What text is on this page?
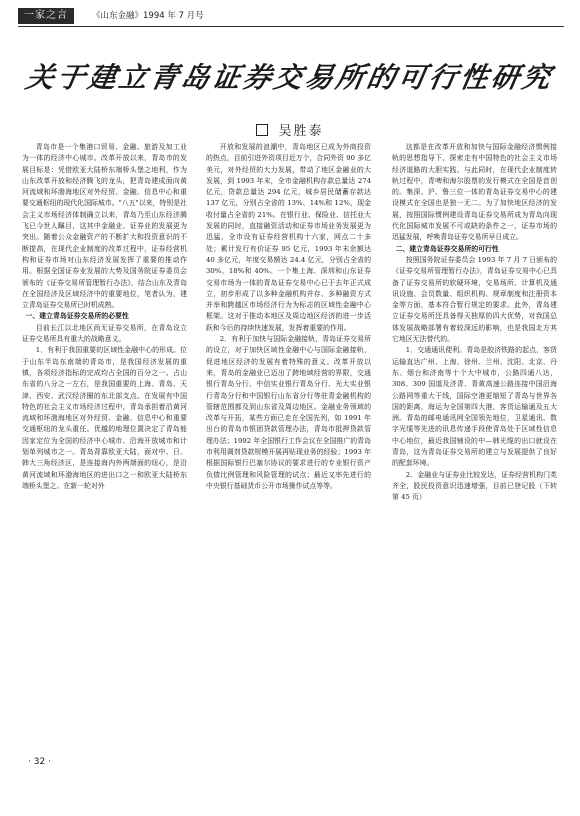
一家之言	《山东金融》1994 年 7 月号
关于建立青岛证券交易所的可行性研究
吴胜泰

青岛市是一个集港口贸易、金融、旅游及加工业为一体的经济中心城市。改革开放以来，青岛市的发展目标是：凭借欧亚大陆桥东端桥头堡之地利，作为山东改革开放和经济腾飞的龙头，把青岛建成面向黄河流域和环渤海地区对外经贸、金融、信息中心和重要交通枢纽的现代化国际城市。"八五"以来，特别是社会主义市场经济体制确立以来，青岛乃至山东经济腾飞已今世人瞩目，这其中金融业、证券业的发展更为突出。随着公众金融资产的不断扩大和投资意识的不断提高，在现代企业制度的改革过程中，证券经营机构和证券市场对山东经济发展发挥了重要的推动作用。根据全国证券业发展的大势及国务院证券委员会颁布的《证券交易所管理暂行办法》，结合山东及青岛在全国经济及区域经济中的重要地位，笔者认为，建立青岛证券交易所已时机成熟。

一、建立青岛证券交易所的必要性

目前长江以北地区尚无证券交易所，在青岛设立证券交易所具有重大的战略意义。

1．有利于我国重要的区域性金融中心的形成。位于山东半岛东南端的青岛市，是我国经济发展的重镇，各项经济指标的完成均占全国的百分之一。占山东省的八分之一左右，是我国重要的上海、青岛、天津、西安、武汉经济圈的东北部支点。在发展有中国特色的社会主义市场经济过程中，青岛承担着沿黄河流域和环渤海地区对外经贸、金融、信息中心和重要交通枢纽的龙头重任。优越的地理位置决定了青岛能因家定位为全国的经济中心城市、沿海开放城市和计划单列城市之一。青岛背靠欧亚大陆，面对中、日、韩大三角经济区，是连接海内外两端面的纽心，是沿黄河流域和环渤海地区的进出口之一和欧亚大陆桥东端桥头堡之。在新一轮对外

开放和发展的浪潮中，青岛地区已成为外商投资的热点，目前引进外资项目近万个，合同外资 90 多亿美元，对外经贸的大力发展，带动了地区金融业的大发展，到 1993 年末，全市金融机构存款总量达 274 亿元，贷款总量达 294 亿元，城乡居民储蓄存款达 137 亿元，分别占全省的 13%、14%和 12%，现金收付量占全省的 21%。在银行业、保险业、信托业大发展的同时，直接融资活动和证券市场业务发展更为迅猛，全市设有证券经营机构十六家，网点二十多处；累计发行有价证券 95 亿元，1993 年末余额达 40 多亿元，年度交易额达 24.4 亿元，分别占全省的 30%、18%和 40%。一个集上海、深圳和山东证券交易市场为一体的青岛证券交易中心已于去年正式成立，初步形成了以多种金融机构并存、多种融资方式并举和跨越区市场经济行为为标志的区域性金融中心框架。这对于推动本地区及周边地区经济的进一步活跃和今后的持续快速发展，发挥着重要的作用。

2．有利于加快与国际金融接轨，青岛证券交易所的设立，对于加快区域性金融中心与国际金融接轨，促进地区经济的发展有着特殊的意义。改革开放以来，青岛的金融业已迈出了跨地域经营的界限，交通银行青岛分行、中信实业银行青岛分行、光大实业银行青岛分行和中国银行山东省分行等驻青金融机构的管辖范围都及到山东省及周边地区。金融业务领域的改革与开拓，某些方面已走在全国先列，如 1991 年出台的青岛市银团贷款管理办法，青岛市抵押贷款管理办法；1992 年全国银行工作会议在全国推广的青岛市利用调剂贷款规模开展再贴现业务的经验；1993 年根据国际银行巴塞尔协议的要求进行的专业银行资产负债比例管理和风险管理的试点；最近又率先进行的中央银行基础货币公开市场操作试点等等。

这都是在改革开放和加快与国际金融经济惯例接轨的思想指导下，探索走有中国特色的社会主义市场经济道路的大胆实践。与此同时，在现代企业制度转轨过程中，青啤和海尔股票的发行模式在全国是首创的。集深、沪、鲁三位一体的青岛证券交易中心的建设模式在全国也是独一无二。为了加快地区经济的发展，按照国际惯例建设青岛证券交易所成为青岛向现代化国际城市发展不可或缺的条件之一，证券市场的迅猛发展，呼唤青岛证券交易所早日成立。

二、建立青岛证券交易所的可行性

按照国务院证券委员会 1993 年 7 月 7 日颁布的《证券交易所管理暂行办法》，青岛证券交易中心已具备了证券交易所的软硬环境，交易场所、计算机及通讯设施、会员数量、组织机构、规章制度和注册资本金等方面，基本符合暂行规定的要求。此外，青岛建立证券交易所还具备得天独厚的四大优势，对我国总体发展战略部署有着较深远的影响，也是我国北方其它地区无法替代的。

1．交通通讯便利。青岛是胶济铁路的起点，客货运输直达广州、上海、徐州、兰州、沈阳、北京、丹东、烟台和济南等十个大中城市，公路四通八达，308、309 国道及济青、青黄高速公路连接中国沿海公路网等重大干线，国际空港更缩短了青岛与世界各国的距离，海运为全国第四大港，客货运输通及五大洲。青岛的邮电通讯网全国领先地位，卫星通讯、数字光缆等先进的讯息传递手段使青岛处于区域性信息中心地位，最近我国铺设的中—韩光缆的出口就设在青岛，这为青岛证券交易所的建立与发展提供了良好的配套环境。

2．金融业与证券业比较发达，证券经营机构门类齐全，股民投资意识迅速增强，目前已登记股（下转第 45 页）

· 32 ·
